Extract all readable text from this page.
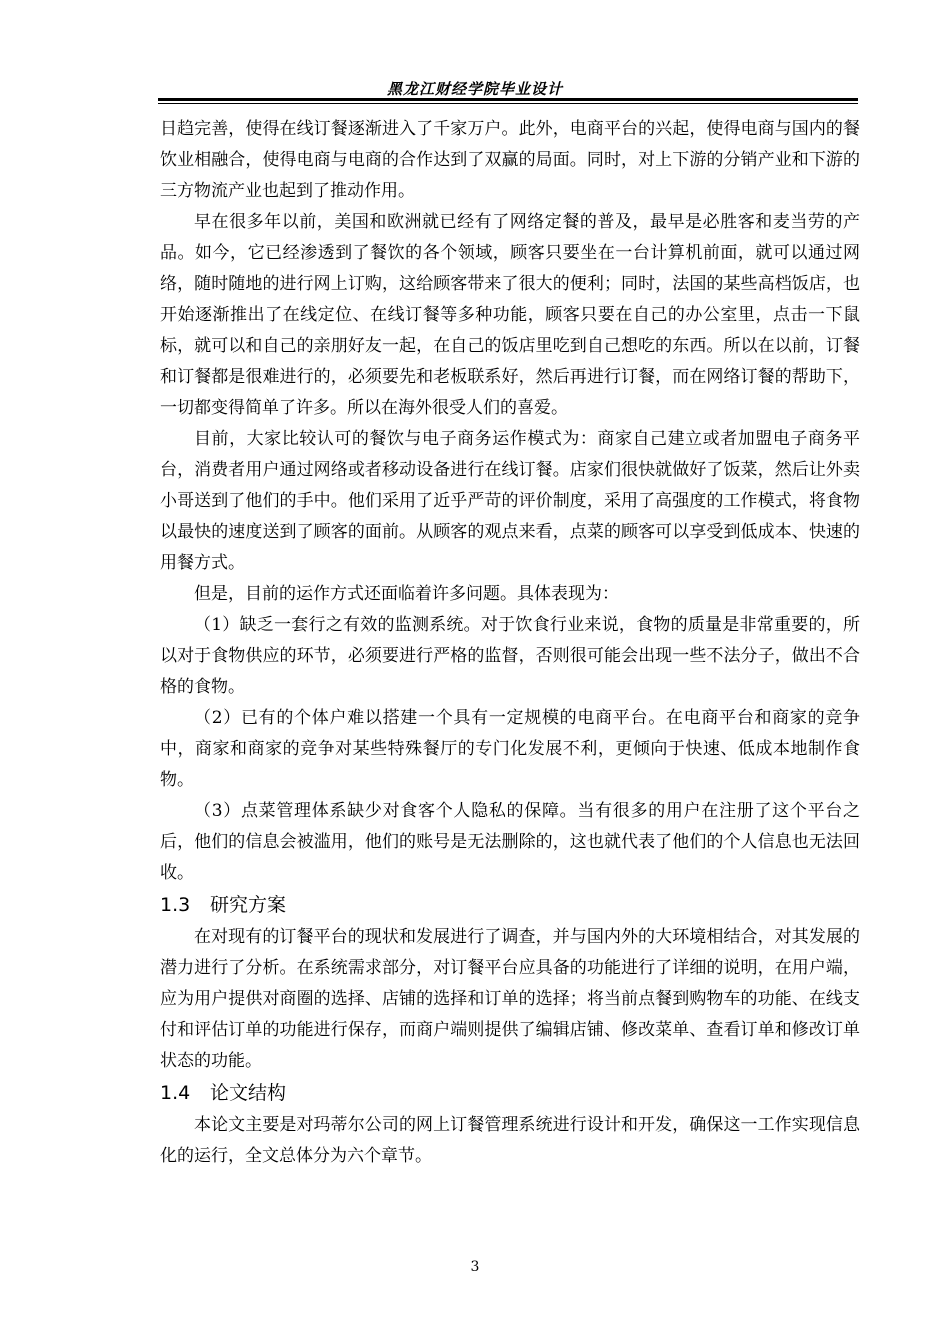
黑龙江财经学院毕业设计

日趋完善，使得在线订餐逐渐进入了千家万户。此外，电商平台的兴起，使得电商与国内的餐饮业相融合，使得电商与电商的合作达到了双赢的局面。同时，对上下游的分销产业和下游的三方物流产业也起到了推动作用。

早在很多年以前，美国和欧洲就已经有了网络定餐的普及，最早是必胜客和麦当劳的产品。如今，它已经渗透到了餐饮的各个领域，顾客只要坐在一台计算机前面，就可以通过网络，随时随地的进行网上订购，这给顾客带来了很大的便利；同时，法国的某些高档饭店，也开始逐渐推出了在线定位、在线订餐等多种功能，顾客只要在自己的办公室里，点击一下鼠标，就可以和自己的亲朋好友一起，在自己的饭店里吃到自己想吃的东西。所以在以前，订餐和订餐都是很难进行的，必须要先和老板联系好，然后再进行订餐，而在网络订餐的帮助下，一切都变得简单了许多。所以在海外很受人们的喜爱。

目前，大家比较认可的餐饮与电子商务运作模式为：商家自己建立或者加盟电子商务平台，消费者用户通过网络或者移动设备进行在线订餐。店家们很快就做好了饭菜，然后让外卖小哥送到了他们的手中。他们采用了近乎严苛的评价制度，采用了高强度的工作模式，将食物以最快的速度送到了顾客的面前。从顾客的观点来看，点菜的顾客可以享受到低成本、快速的用餐方式。

但是，目前的运作方式还面临着许多问题。具体表现为：

（1）缺乏一套行之有效的监测系统。对于饮食行业来说，食物的质量是非常重要的，所以对于食物供应的环节，必须要进行严格的监督，否则很可能会出现一些不法分子，做出不合格的食物。

（2）已有的个体户难以搭建一个具有一定规模的电商平台。在电商平台和商家的竞争中，商家和商家的竞争对某些特殊餐厅的专门化发展不利，更倾向于快速、低成本地制作食物。

（3）点菜管理体系缺少对食客个人隐私的保障。当有很多的用户在注册了这个平台之后，他们的信息会被滥用，他们的账号是无法删除的，这也就代表了他们的个人信息也无法回收。

1.3	研究方案

在对现有的订餐平台的现状和发展进行了调查，并与国内外的大环境相结合，对其发展的潜力进行了分析。在系统需求部分，对订餐平台应具备的功能进行了详细的说明，在用户端，应为用户提供对商圈的选择、店铺的选择和订单的选择；将当前点餐到购物车的功能、在线支付和评估订单的功能进行保存，而商户端则提供了编辑店铺、修改菜单、查看订单和修改订单状态的功能。

1.4	论文结构

本论文主要是对玛蒂尔公司的网上订餐管理系统进行设计和开发，确保这一工作实现信息化的运行，全文总体分为六个章节。

3
